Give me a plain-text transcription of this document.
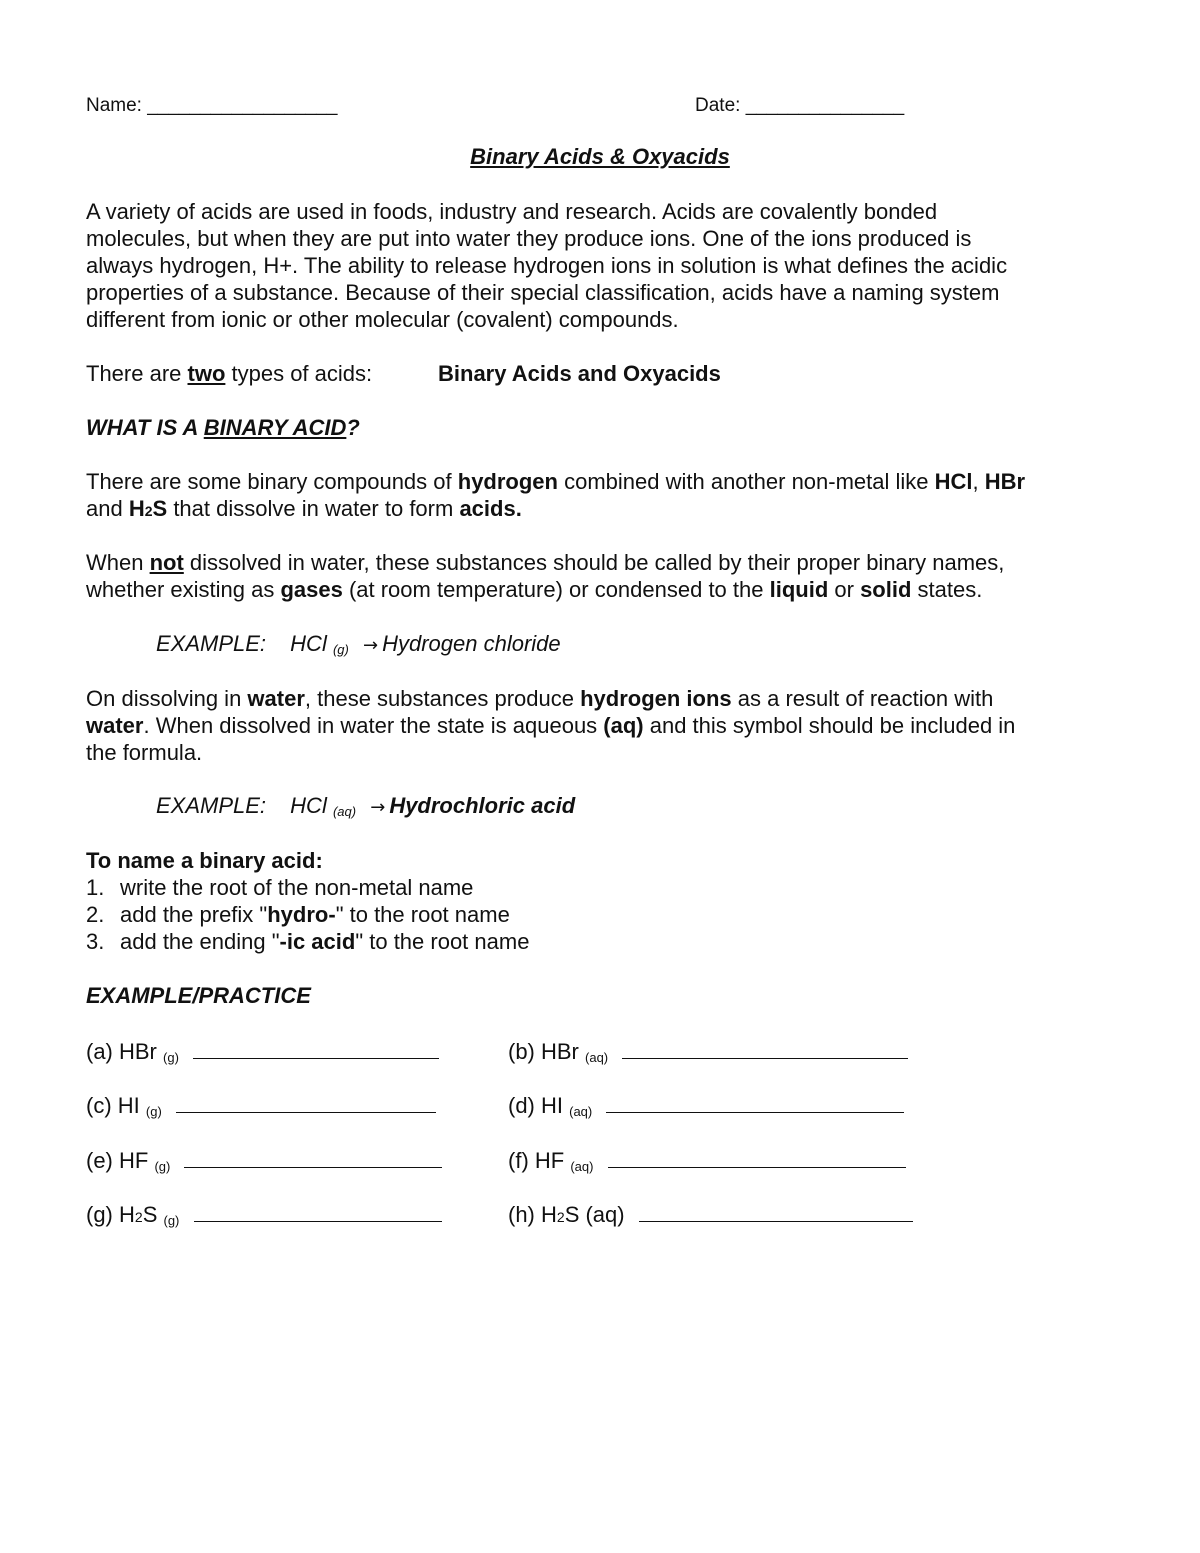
Name: __________________	Date: _______________
Binary Acids & Oxyacids
A variety of acids are used in foods, industry and research. Acids are covalently bonded
molecules, but when they are put into water they produce ions. One of the ions produced is
always hydrogen, H+. The ability to release hydrogen ions in solution is what defines the acidic
properties of a substance. Because of their special classification, acids have a naming system
different from ionic or other molecular (covalent) compounds.
There are two types of acids:	Binary Acids and Oxyacids
WHAT IS A BINARY ACID?
There are some binary compounds of hydrogen combined with another non-metal like HCl, HBr
and H2S that dissolve in water to form acids.
When not dissolved in water, these substances should be called by their proper binary names,
whether existing as gases (at room temperature) or condensed to the liquid or solid states.
EXAMPLE: HCl $_{(g)}$ → Hydrogen chloride
On dissolving in water, these substances produce hydrogen ions as a result of reaction with
water. When dissolved in water the state is aqueous (aq) and this symbol should be included in
the formula.
EXAMPLE: HCl $_{(aq)}$ → Hydrochloric acid
To name a binary acid:
1. write the root of the non-metal name
2. add the prefix "hydro-" to the root name
3. add the ending "-ic acid" to the root name
EXAMPLE/PRACTICE
(a) HBr $_{(g)}$	(b) HBr $_{(aq)}$
(c) HI $_{(g)}$	(d) HI $_{(aq)}$
(e) HF $_{(g)}$	(f) HF $_{(aq)}$
(g) H2S $_{(g)}$	(h) H2S (aq)
